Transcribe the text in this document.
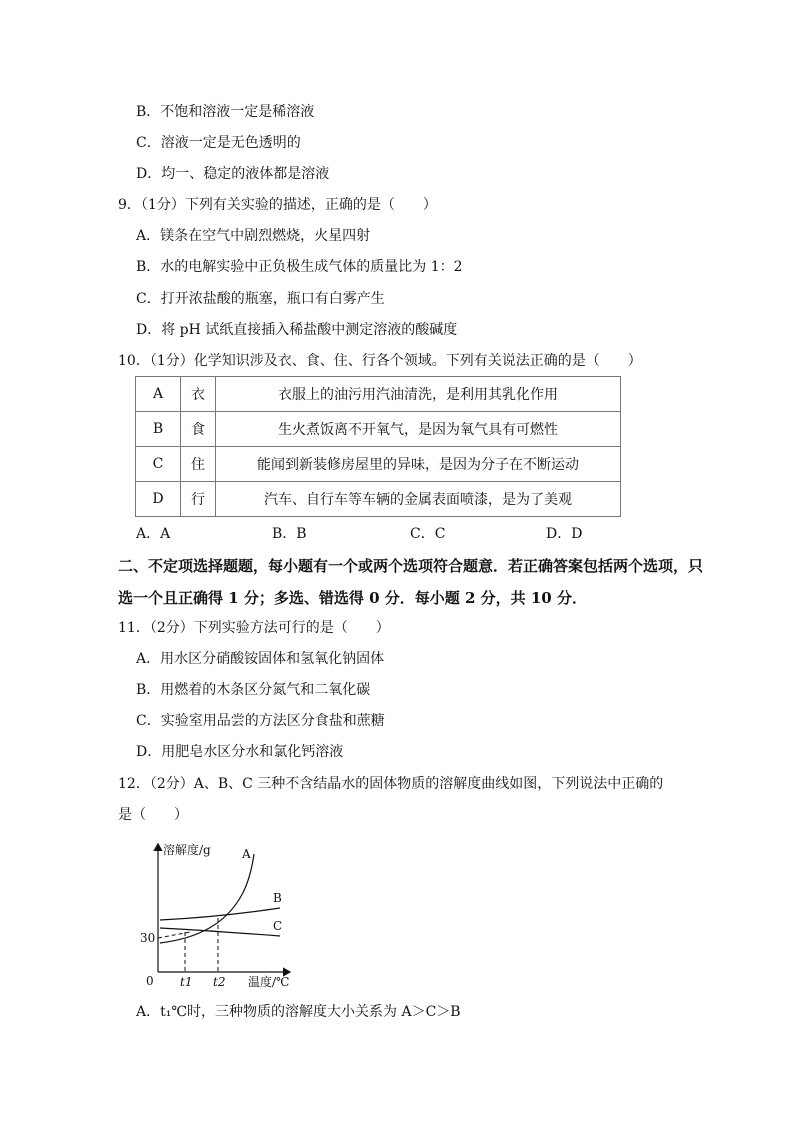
B．不饱和溶液一定是稀溶液
C．溶液一定是无色透明的
D．均一、稳定的液体都是溶液
9．（1分）下列有关实验的描述，正确的是（　　）
A．镁条在空气中剧烈燃烧，火星四射
B．水的电解实验中正负极生成气体的质量比为 1：2
C．打开浓盐酸的瓶塞，瓶口有白雾产生
D．将 pH 试纸直接插入稀盐酸中测定溶液的酸碱度
10．（1分）化学知识涉及衣、食、住、行各个领域。下列有关说法正确的是（　　）
A	衣	衣服上的油污用汽油清洗，是利用其乳化作用
B	食	生火煮饭离不开氧气，是因为氧气具有可燃性
C	住	能闻到新装修房屋里的异味，是因为分子在不断运动
D	行	汽车、自行车等车辆的金属表面喷漆，是为了美观
A．A	B．B	C．C	D．D
二、不定项选择题题，每小题有一个或两个选项符合题意．若正确答案包括两个选项，只
选一个且正确得 1 分；多选、错选得 0 分．每小题 2 分，共 10 分．
11．（2分）下列实验方法可行的是（　　）
A．用水区分硝酸铵固体和氢氧化钠固体
B．用燃着的木条区分氮气和二氧化碳
C．实验室用品尝的方法区分食盐和蔗糖
D．用肥皂水区分水和氯化钙溶液
12．（2分）A、B、C 三种不含结晶水的固体物质的溶解度曲线如图，下列说法中正确的
是（　　）
溶解度/g	A
B
C
30
0 t1 t2 温度/℃
A．t₁℃时，三种物质的溶解度大小关系为 A＞C＞B
